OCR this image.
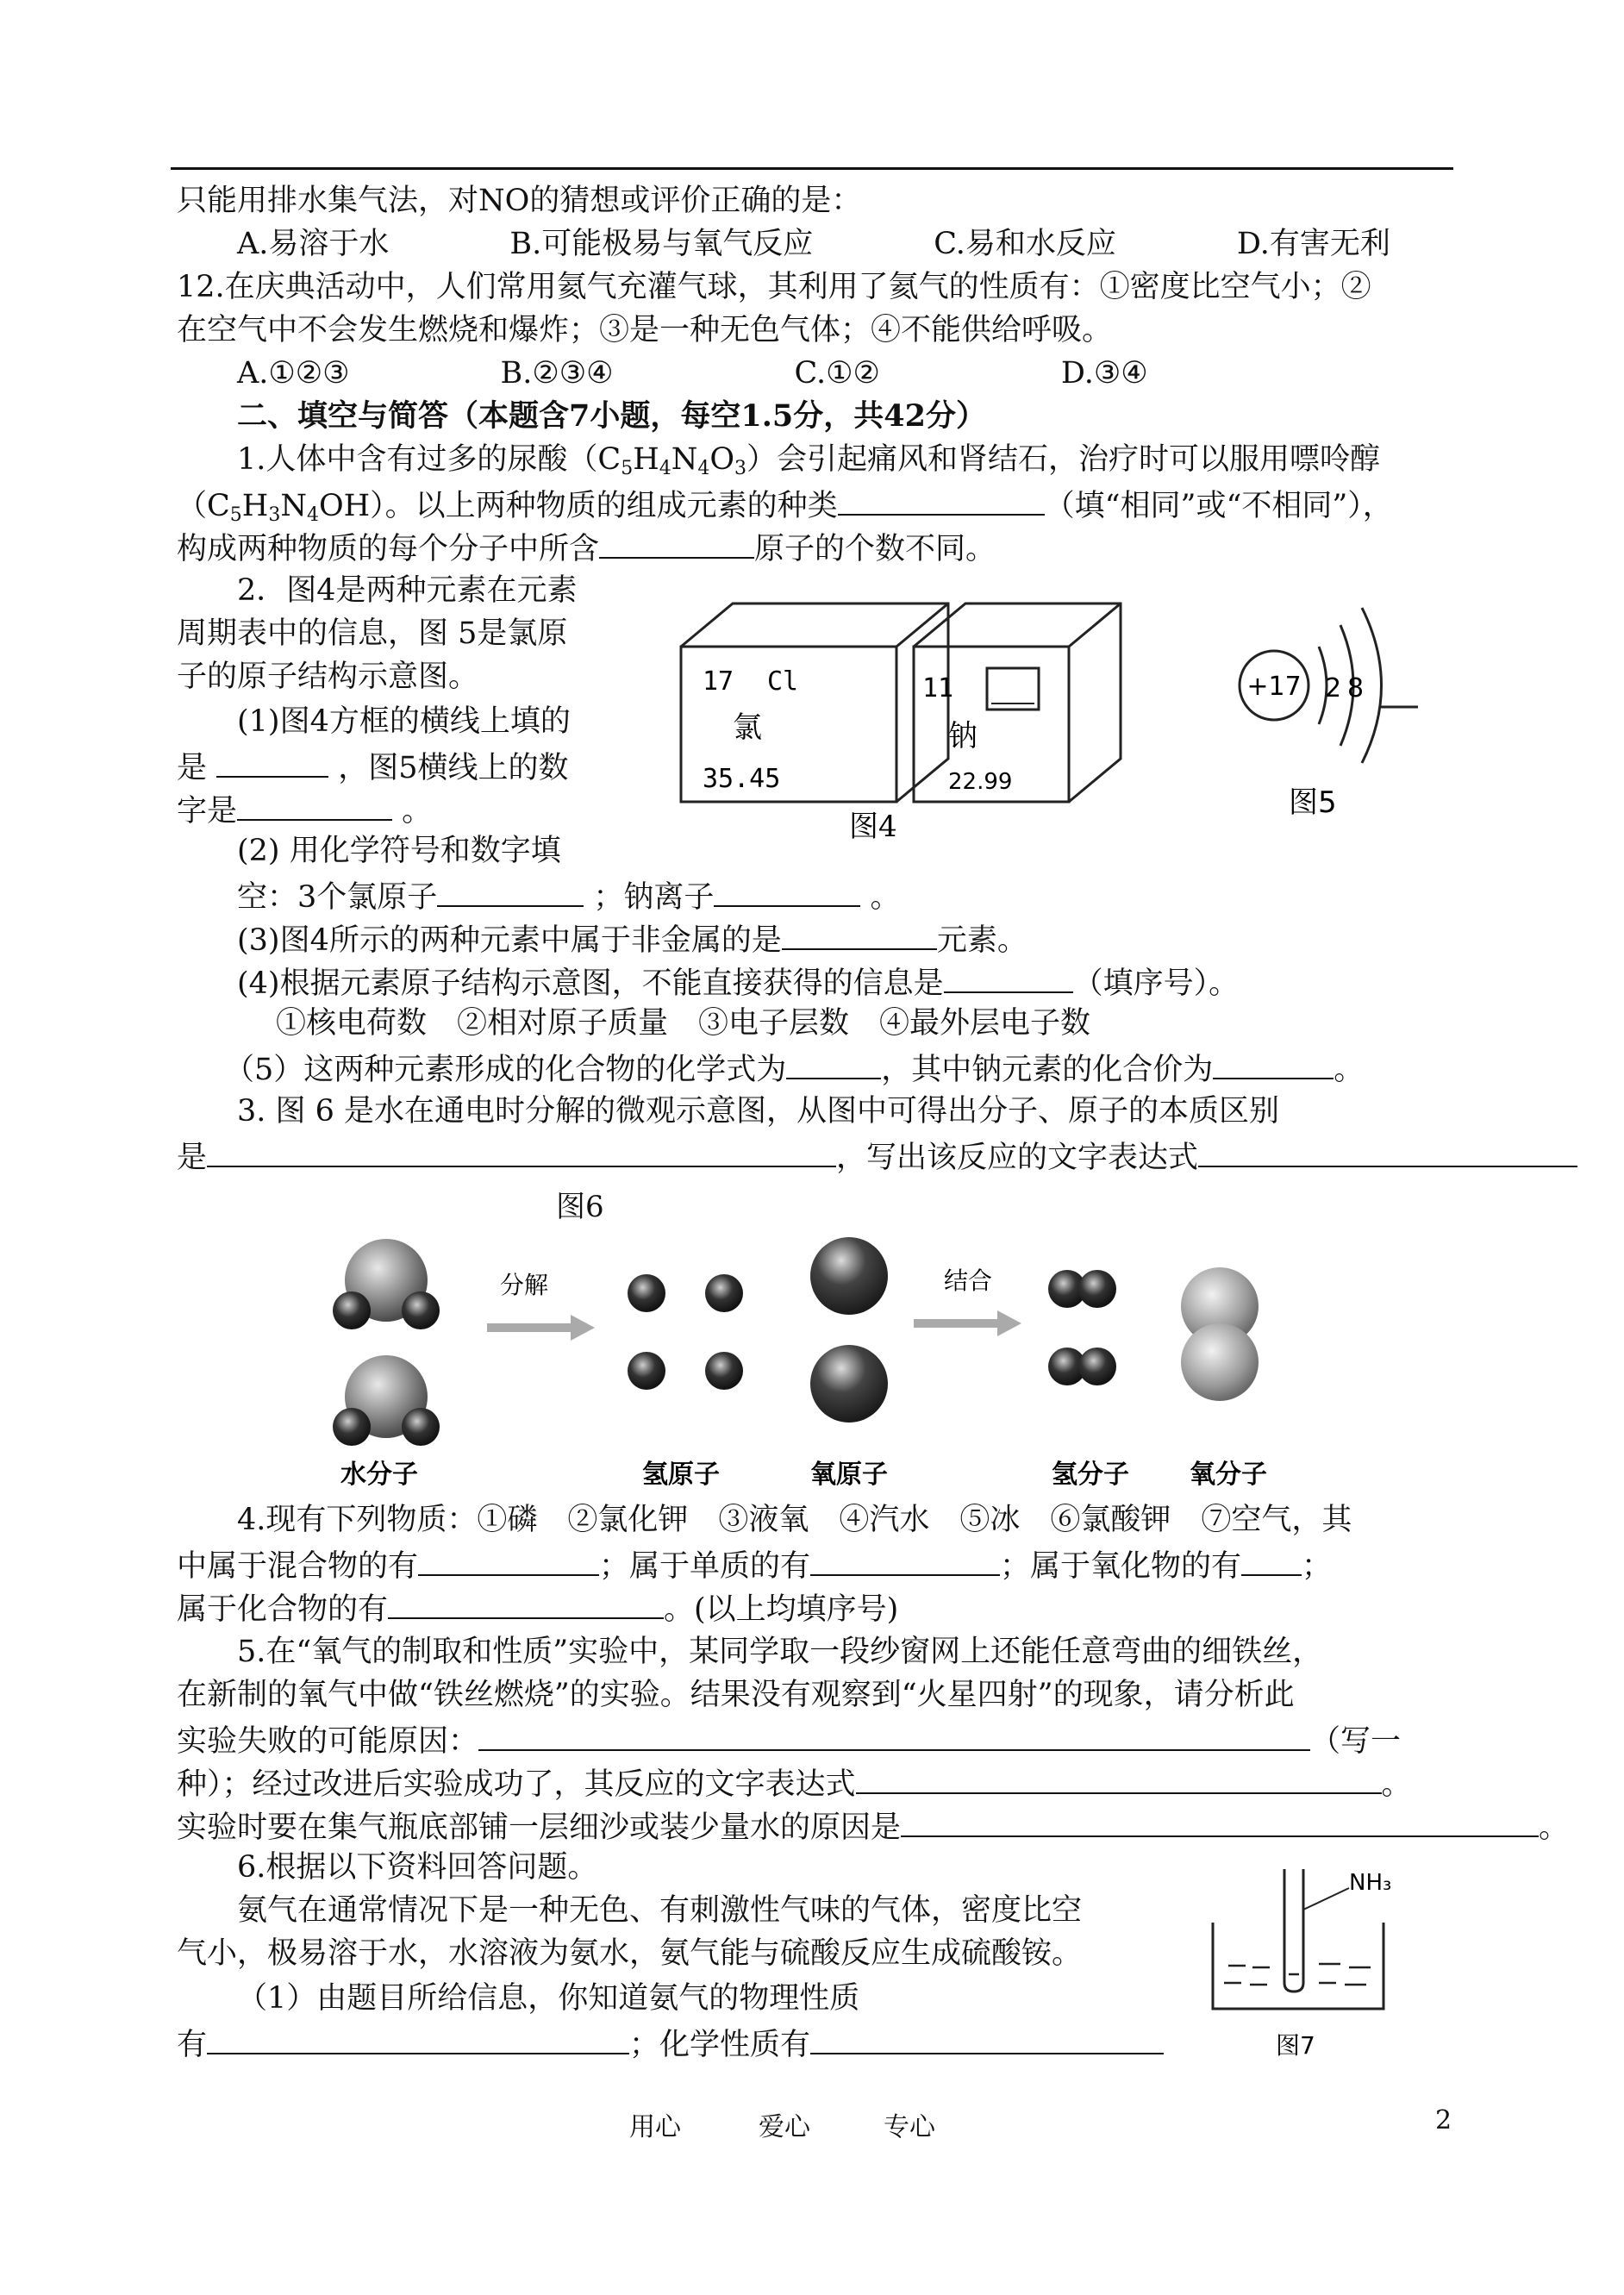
只能用排水集气法，对NO的猜想或评价正确的是：
A.易溶于水　　　　B.可能极易与氧气反应　　　　C.易和水反应　　　　D.有害无利
12.在庆典活动中，人们常用氦气充灌气球，其利用了氦气的性质有：①密度比空气小；②
在空气中不会发生燃烧和爆炸；③是一种无色气体；④不能供给呼吸。
A.①②③　　　　　B.②③④　　　　　　C.①②　　　　　　D.③④
二、填空与简答（本题含7小题，每空1.5分，共42分）
1.人体中含有过多的尿酸$(C_5H_4N_4O_3)$会引起痛风和肾结石，治疗时可以服用嘌呤醇
$(C_5H_3N_4OH)$。以上两种物质的组成元素的种类	（填“相同”或“不相同”），
构成两种物质的每个分子中所含	原子的个数不同。
2．图4是两种元素在元素
周期表中的信息，图 5是氯原
子的原子结构示意图。
(1)图4方框的横线上填的
是	，图5横线上的数
字是	。
(2) 用化学符号和数字填
空：3个氯原子	；钠离子	。
(3)图4所示的两种元素中属于非金属的是	元素。
(4)根据元素原子结构示意图，不能直接获得的信息是	（填序号）。
①核电荷数　②相对原子质量　③电子层数　④最外层电子数
（5）这两种元素形成的化合物的化学式为	，其中钠元素的化合价为	。
17 Cl
氯
35.45
11
钠
22.99
图4
+17 2 8
图5
3. 图 6 是水在通电时分解的微观示意图，从图中可得出分子、原子的本质区别
是	，写出该反应的文字表达式
图6
分解	结合
水分子	氢原子	氧原子	氢分子 氧分子
4.现有下列物质：①磷　②氯化钾　③液氧　④汽水　⑤冰　⑥氯酸钾　⑦空气，其
中属于混合物的有	；属于单质的有	；属于氧化物的有 ；
属于化合物的有	。(以上均填序号)
5.在“氧气的制取和性质”实验中，某同学取一段纱窗网上还能任意弯曲的细铁丝，
在新制的氧气中做“铁丝燃烧”的实验。结果没有观察到“火星四射”的现象，请分析此
实验失败的可能原因：	（写一
种）；经过改进后实验成功了，其反应的文字表达式	。
实验时要在集气瓶底部铺一层细沙或装少量水的原因是	。
6.根据以下资料回答问题。
氨气在通常情况下是一种无色、有刺激性气味的气体，密度比空
气小，极易溶于水，水溶液为氨水，氨气能与硫酸反应生成硫酸铵。
（1）由题目所给信息，你知道氨气的物理性质
有	；化学性质有
NH₃
图7
用心	爱心	专心	2
